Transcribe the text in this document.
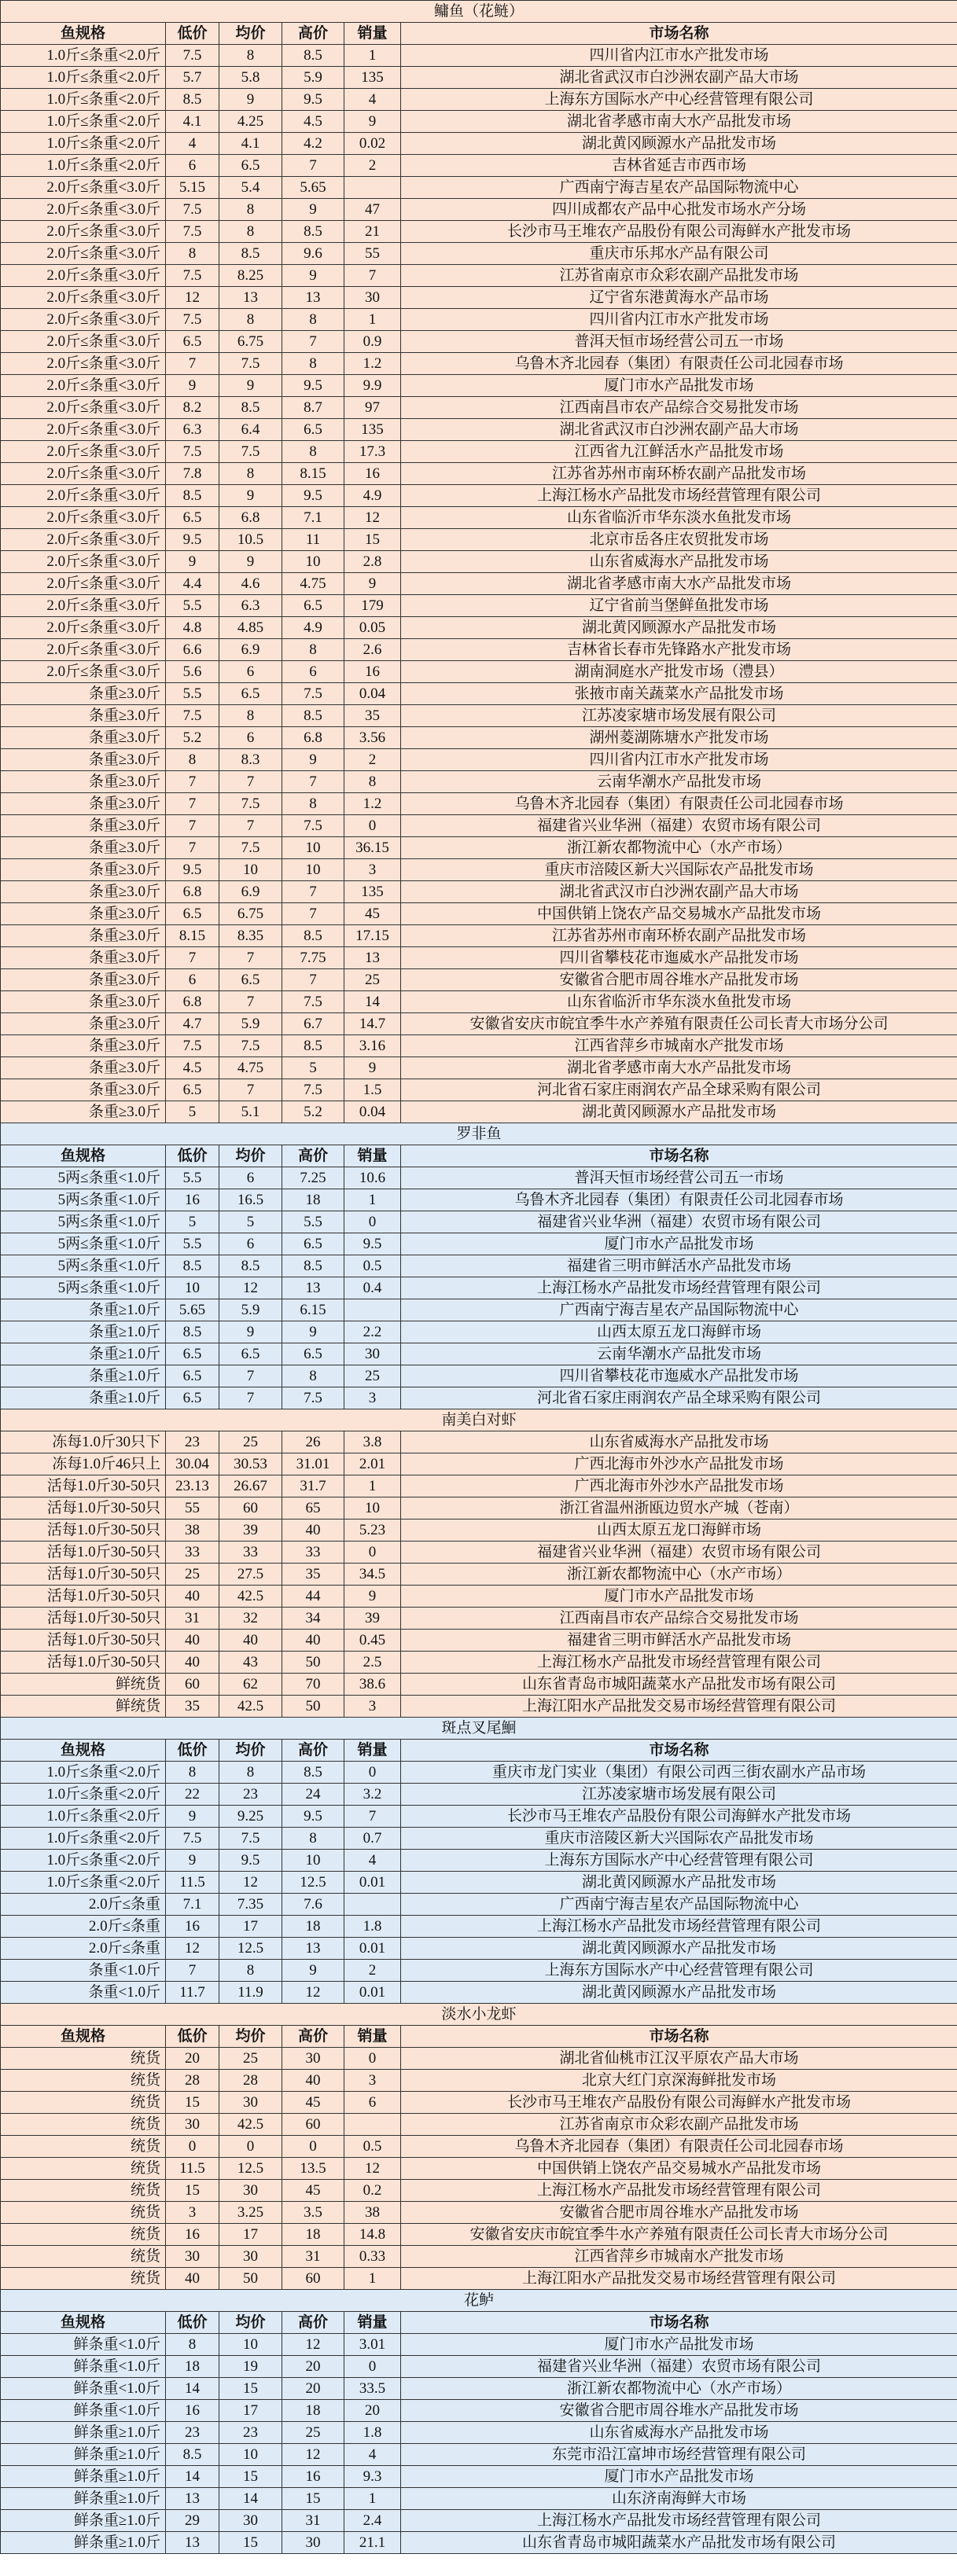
鳙鱼（花鲢）					
鱼规格	低价	均价	高价	销量	市场名称
1.0斤≤条重<2.0斤	7.5	8	8.5	1	四川省内江市水产批发市场
1.0斤≤条重<2.0斤	5.7	5.8	5.9	135	湖北省武汉市白沙洲农副产品大市场
1.0斤≤条重<2.0斤	8.5	9	9.5	4	上海东方国际水产中心经营管理有限公司
1.0斤≤条重<2.0斤	4.1	4.25	4.5	9	湖北省孝感市南大水产品批发市场
1.0斤≤条重<2.0斤	4	4.1	4.2	0.02	湖北黄冈顾源水产品批发市场
1.0斤≤条重<2.0斤	6	6.5	7	2	吉林省延吉市西市场
2.0斤≤条重<3.0斤	5.15	5.4	5.65		广西南宁海吉星农产品国际物流中心
2.0斤≤条重<3.0斤	7.5	8	9	47	四川成都农产品中心批发市场水产分场
2.0斤≤条重<3.0斤	7.5	8	8.5	21	长沙市马王堆农产品股份有限公司海鲜水产批发市场
2.0斤≤条重<3.0斤	8	8.5	9.6	55	重庆市乐邦水产品有限公司
2.0斤≤条重<3.0斤	7.5	8.25	9	7	江苏省南京市众彩农副产品批发市场
2.0斤≤条重<3.0斤	12	13	13	30	辽宁省东港黄海水产品市场
2.0斤≤条重<3.0斤	7.5	8	8	1	四川省内江市水产批发市场
2.0斤≤条重<3.0斤	6.5	6.75	7	0.9	普洱天恒市场经营公司五一市场
2.0斤≤条重<3.0斤	7	7.5	8	1.2	乌鲁木齐北园春（集团）有限责任公司北园春市场
2.0斤≤条重<3.0斤	9	9	9.5	9.9	厦门市水产品批发市场
2.0斤≤条重<3.0斤	8.2	8.5	8.7	97	江西南昌市农产品综合交易批发市场
2.0斤≤条重<3.0斤	6.3	6.4	6.5	135	湖北省武汉市白沙洲农副产品大市场
2.0斤≤条重<3.0斤	7.5	7.5	8	17.3	江西省九江鲜活水产品批发市场
2.0斤≤条重<3.0斤	7.8	8	8.15	16	江苏省苏州市南环桥农副产品批发市场
2.0斤≤条重<3.0斤	8.5	9	9.5	4.9	上海江杨水产品批发市场经营管理有限公司
2.0斤≤条重<3.0斤	6.5	6.8	7.1	12	山东省临沂市华东淡水鱼批发市场
2.0斤≤条重<3.0斤	9.5	10.5	11	15	北京市岳各庄农贸批发市场
2.0斤≤条重<3.0斤	9	9	10	2.8	山东省威海水产品批发市场
2.0斤≤条重<3.0斤	4.4	4.6	4.75	9	湖北省孝感市南大水产品批发市场
2.0斤≤条重<3.0斤	5.5	6.3	6.5	179	辽宁省前当堡鲜鱼批发市场
2.0斤≤条重<3.0斤	4.8	4.85	4.9	0.05	湖北黄冈顾源水产品批发市场
2.0斤≤条重<3.0斤	6.6	6.9	8	2.6	吉林省长春市先锋路水产批发市场
2.0斤≤条重<3.0斤	5.6	6	6	16	湖南洞庭水产批发市场（澧县）
条重≥3.0斤	5.5	6.5	7.5	0.04	张掖市南关蔬菜水产品批发市场
条重≥3.0斤	7.5	8	8.5	35	江苏凌家塘市场发展有限公司
条重≥3.0斤	5.2	6	6.8	3.56	湖州菱湖陈塘水产批发市场
条重≥3.0斤	8	8.3	9	2	四川省内江市水产批发市场
条重≥3.0斤	7	7	7	8	云南华潮水产品批发市场
条重≥3.0斤	7	7.5	8	1.2	乌鲁木齐北园春（集团）有限责任公司北园春市场
条重≥3.0斤	7	7	7.5	0	福建省兴业华洲（福建）农贸市场有限公司
条重≥3.0斤	7	7.5	10	36.15	浙江新农都物流中心（水产市场）
条重≥3.0斤	9.5	10	10	3	重庆市涪陵区新大兴国际农产品批发市场
条重≥3.0斤	6.8	6.9	7	135	湖北省武汉市白沙洲农副产品大市场
条重≥3.0斤	6.5	6.75	7	45	中国供销上饶农产品交易城水产品批发市场
条重≥3.0斤	8.15	8.35	8.5	17.15	江苏省苏州市南环桥农副产品批发市场
条重≥3.0斤	7	7	7.75	13	四川省攀枝花市迤威水产品批发市场
条重≥3.0斤	6	6.5	7	25	安徽省合肥市周谷堆水产品批发市场
条重≥3.0斤	6.8	7	7.5	14	山东省临沂市华东淡水鱼批发市场
条重≥3.0斤	4.7	5.9	6.7	14.7	安徽省安庆市皖宜季牛水产养殖有限责任公司长青大市场分公司
条重≥3.0斤	7.5	7.5	8.5	3.16	江西省萍乡市城南水产批发市场
条重≥3.0斤	4.5	4.75	5	9	湖北省孝感市南大水产品批发市场
条重≥3.0斤	6.5	7	7.5	1.5	河北省石家庄雨润农产品全球采购有限公司
条重≥3.0斤	5	5.1	5.2	0.04	湖北黄冈顾源水产品批发市场
罗非鱼					
鱼规格	低价	均价	高价	销量	市场名称
5两≤条重<1.0斤	5.5	6	7.25	10.6	普洱天恒市场经营公司五一市场
5两≤条重<1.0斤	16	16.5	18	1	乌鲁木齐北园春（集团）有限责任公司北园春市场
5两≤条重<1.0斤	5	5	5.5	0	福建省兴业华洲（福建）农贸市场有限公司
5两≤条重<1.0斤	5.5	6	6.5	9.5	厦门市水产品批发市场
5两≤条重<1.0斤	8.5	8.5	8.5	0.5	福建省三明市鲜活水产品批发市场
5两≤条重<1.0斤	10	12	13	0.4	上海江杨水产品批发市场经营管理有限公司
条重≥1.0斤	5.65	5.9	6.15		广西南宁海吉星农产品国际物流中心
条重≥1.0斤	8.5	9	9	2.2	山西太原五龙口海鲜市场
条重≥1.0斤	6.5	6.5	6.5	30	云南华潮水产品批发市场
条重≥1.0斤	6.5	7	8	25	四川省攀枝花市迤威水产品批发市场
条重≥1.0斤	6.5	7	7.5	3	河北省石家庄雨润农产品全球采购有限公司
南美白对虾					
冻每1.0斤30只下	23	25	26	3.8	山东省威海水产品批发市场
冻每1.0斤46只上	30.04	30.53	31.01	2.01	广西北海市外沙水产品批发市场
活每1.0斤30-50只	23.13	26.67	31.7	1	广西北海市外沙水产品批发市场
活每1.0斤30-50只	55	60	65	10	浙江省温州浙瓯边贸水产城（苍南）
活每1.0斤30-50只	38	39	40	5.23	山西太原五龙口海鲜市场
活每1.0斤30-50只	33	33	33	0	福建省兴业华洲（福建）农贸市场有限公司
活每1.0斤30-50只	25	27.5	35	34.5	浙江新农都物流中心（水产市场）
活每1.0斤30-50只	40	42.5	44	9	厦门市水产品批发市场
活每1.0斤30-50只	31	32	34	39	江西南昌市农产品综合交易批发市场
活每1.0斤30-50只	40	40	40	0.45	福建省三明市鲜活水产品批发市场
活每1.0斤30-50只	40	43	50	2.5	上海江杨水产品批发市场经营管理有限公司
鲜统货	60	62	70	38.6	山东省青岛市城阳蔬菜水产品批发市场有限公司
鲜统货	35	42.5	50	3	上海江阳水产品批发交易市场经营管理有限公司
斑点叉尾鮰					
鱼规格	低价	均价	高价	销量	市场名称
1.0斤≤条重<2.0斤	8	8	8.5	0	重庆市龙门实业（集团）有限公司西三街农副水产品市场
1.0斤≤条重<2.0斤	22	23	24	3.2	江苏凌家塘市场发展有限公司
1.0斤≤条重<2.0斤	9	9.25	9.5	7	长沙市马王堆农产品股份有限公司海鲜水产批发市场
1.0斤≤条重<2.0斤	7.5	7.5	8	0.7	重庆市涪陵区新大兴国际农产品批发市场
1.0斤≤条重<2.0斤	9	9.5	10	4	上海东方国际水产中心经营管理有限公司
1.0斤≤条重<2.0斤	11.5	12	12.5	0.01	湖北黄冈顾源水产品批发市场
2.0斤≤条重	7.1	7.35	7.6		广西南宁海吉星农产品国际物流中心
2.0斤≤条重	16	17	18	1.8	上海江杨水产品批发市场经营管理有限公司
2.0斤≤条重	12	12.5	13	0.01	湖北黄冈顾源水产品批发市场
条重<1.0斤	7	8	9	2	上海东方国际水产中心经营管理有限公司
条重<1.0斤	11.7	11.9	12	0.01	湖北黄冈顾源水产品批发市场
淡水小龙虾					
鱼规格	低价	均价	高价	销量	市场名称
统货	20	25	30	0	湖北省仙桃市江汉平原农产品大市场
统货	28	28	40	3	北京大红门京深海鲜批发市场
统货	15	30	45	6	长沙市马王堆农产品股份有限公司海鲜水产批发市场
统货	30	42.5	60		江苏省南京市众彩农副产品批发市场
统货	0	0	0	0.5	乌鲁木齐北园春（集团）有限责任公司北园春市场
统货	11.5	12.5	13.5	12	中国供销上饶农产品交易城水产品批发市场
统货	15	30	45	0.2	上海江杨水产品批发市场经营管理有限公司
统货	3	3.25	3.5	38	安徽省合肥市周谷堆水产品批发市场
统货	16	17	18	14.8	安徽省安庆市皖宜季牛水产养殖有限责任公司长青大市场分公司
统货	30	30	31	0.33	江西省萍乡市城南水产批发市场
统货	40	50	60	1	上海江阳水产品批发交易市场经营管理有限公司
花鲈					
鱼规格	低价	均价	高价	销量	市场名称
鲜条重<1.0斤	8	10	12	3.01	厦门市水产品批发市场
鲜条重<1.0斤	18	19	20	0	福建省兴业华洲（福建）农贸市场有限公司
鲜条重<1.0斤	14	15	20	33.5	浙江新农都物流中心（水产市场）
鲜条重<1.0斤	16	17	18	20	安徽省合肥市周谷堆水产品批发市场
鲜条重≥1.0斤	23	23	25	1.8	山东省威海水产品批发市场
鲜条重≥1.0斤	8.5	10	12	4	东莞市沿江富坤市场经营管理有限公司
鲜条重≥1.0斤	14	15	16	9.3	厦门市水产品批发市场
鲜条重≥1.0斤	13	14	15	1	山东济南海鲜大市场
鲜条重≥1.0斤	29	30	31	2.4	上海江杨水产品批发市场经营管理有限公司
鲜条重≥1.0斤	13	15	30	21.1	山东省青岛市城阳蔬菜水产品批发市场有限公司
